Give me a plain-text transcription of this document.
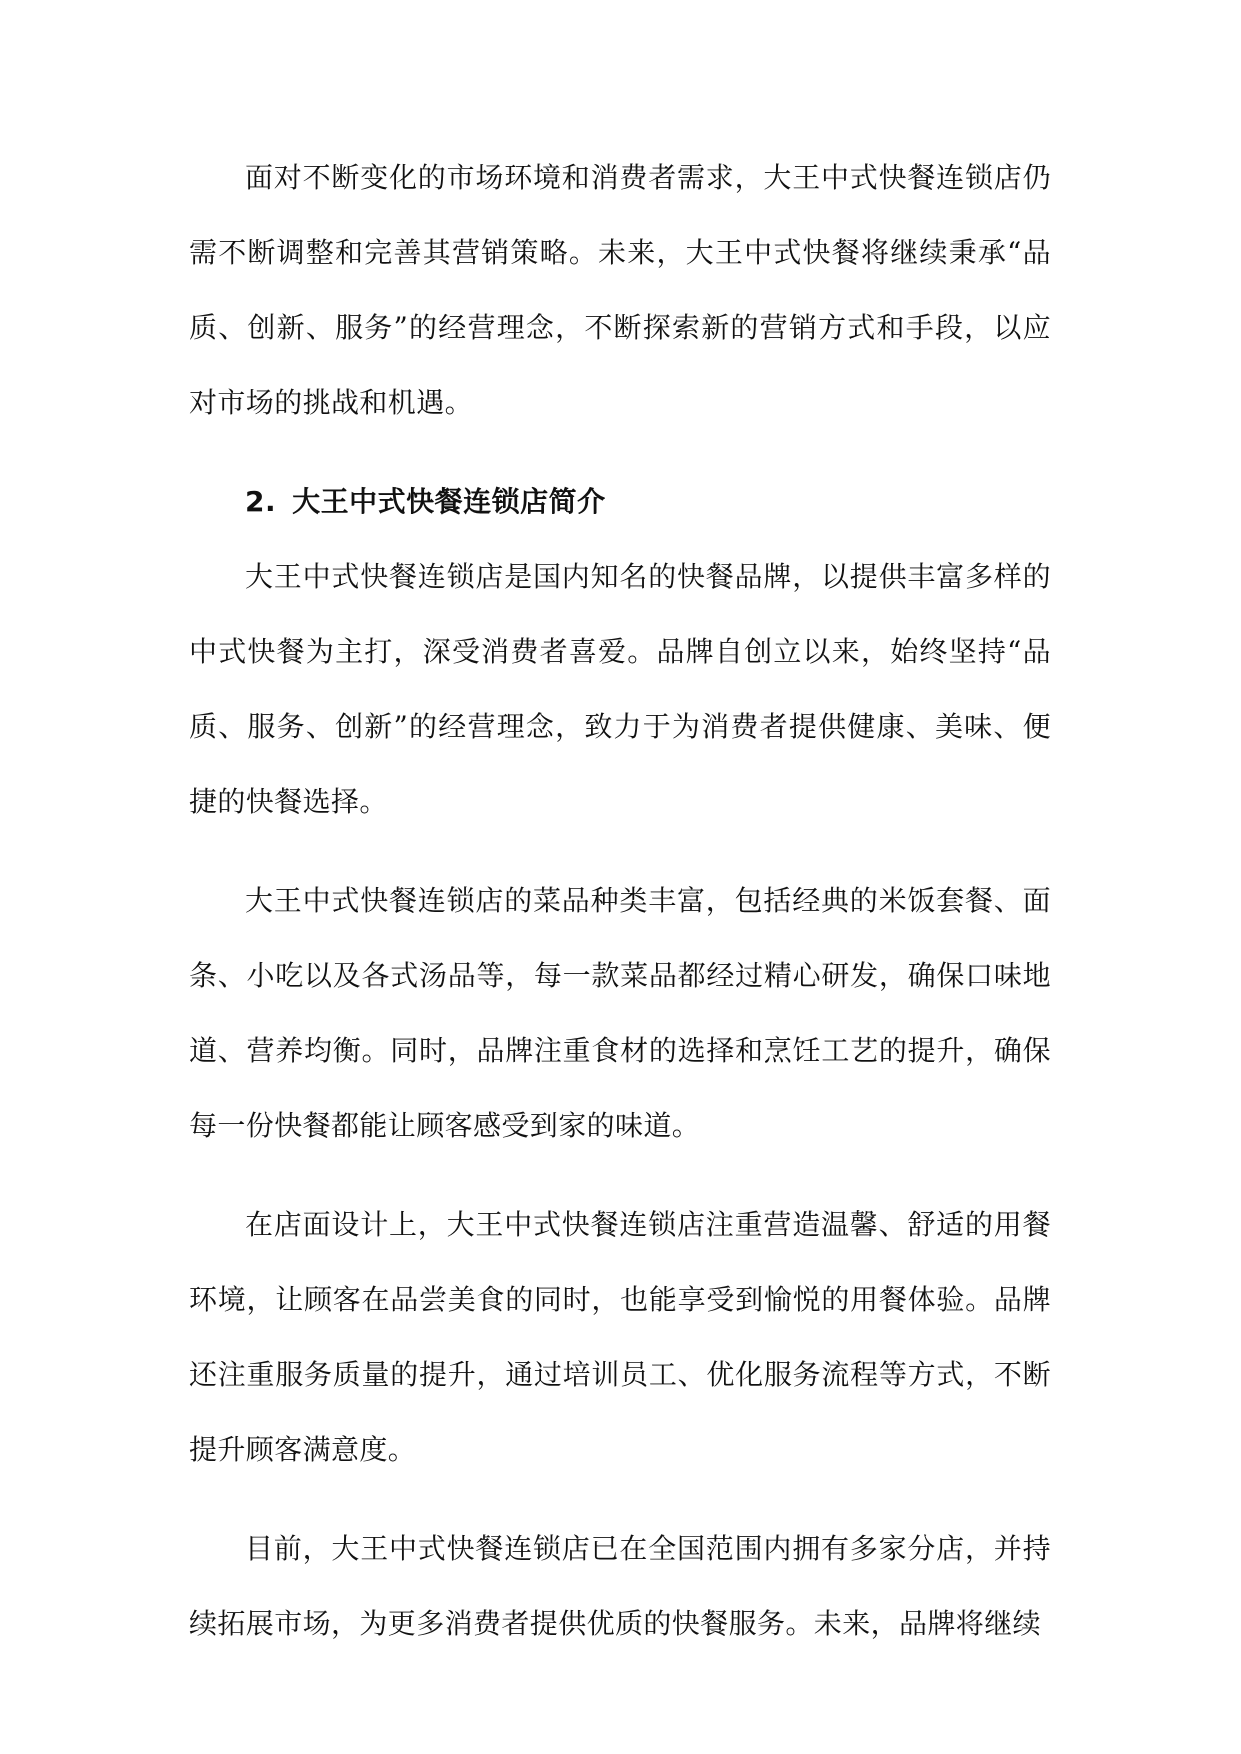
面对不断变化的市场环境和消费者需求，大王中式快餐连锁店仍需不断调整和完善其营销策略。未来，大王中式快餐将继续秉承“品质、创新、服务”的经营理念，不断探索新的营销方式和手段，以应对市场的挑战和机遇。

2. 大王中式快餐连锁店简介

大王中式快餐连锁店是国内知名的快餐品牌，以提供丰富多样的中式快餐为主打，深受消费者喜爱。品牌自创立以来，始终坚持“品质、服务、创新”的经营理念，致力于为消费者提供健康、美味、便捷的快餐选择。

大王中式快餐连锁店的菜品种类丰富，包括经典的米饭套餐、面条、小吃以及各式汤品等，每一款菜品都经过精心研发，确保口味地道、营养均衡。同时，品牌注重食材的选择和烹饪工艺的提升，确保每一份快餐都能让顾客感受到家的味道。

在店面设计上，大王中式快餐连锁店注重营造温馨、舒适的用餐环境，让顾客在品尝美食的同时，也能享受到愉悦的用餐体验。品牌还注重服务质量的提升，通过培训员工、优化服务流程等方式，不断提升顾客满意度。

目前，大王中式快餐连锁店已在全国范围内拥有多家分店，并持续拓展市场，为更多消费者提供优质的快餐服务。未来，品牌将继续
